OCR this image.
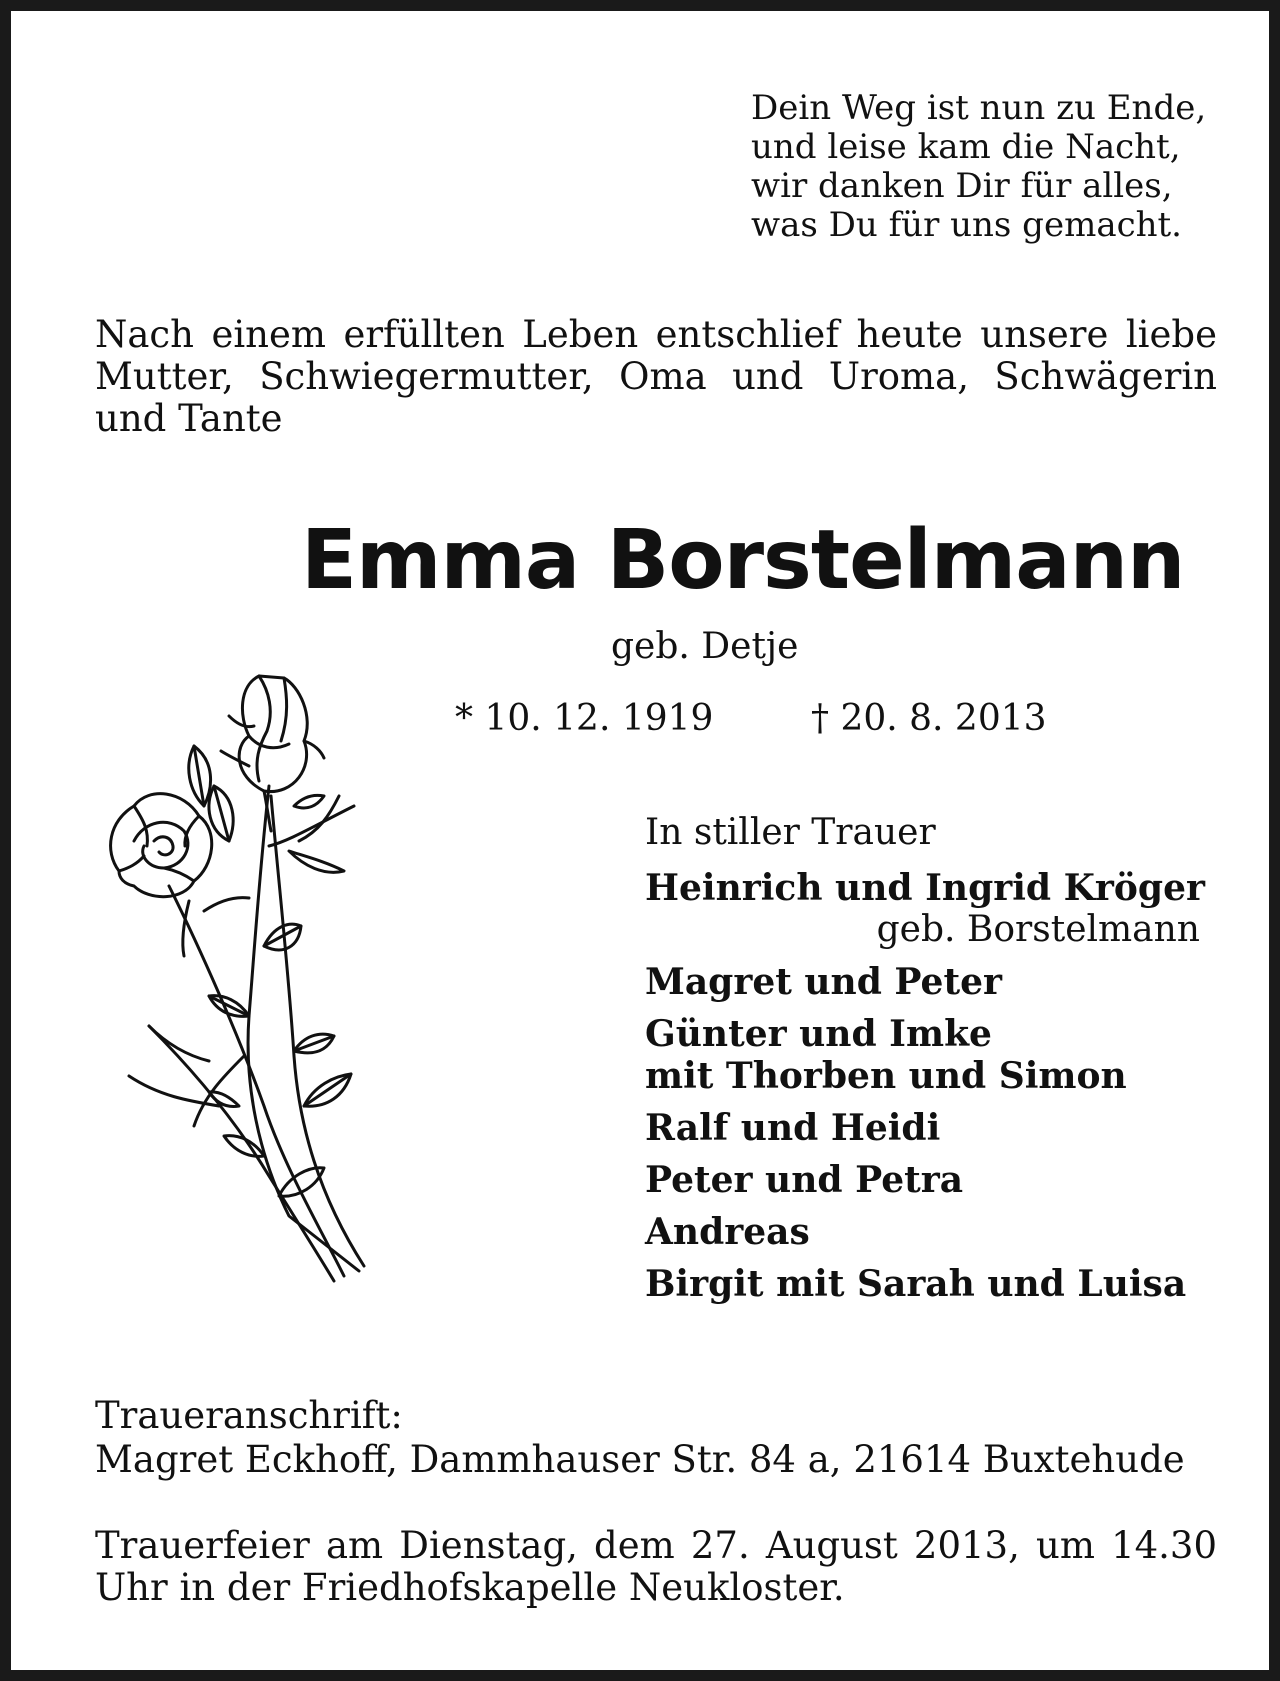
Dein Weg ist nun zu Ende,
und leise kam die Nacht,
wir danken Dir für alles,
was Du für uns gemacht.

Nach einem erfüllten Leben entschlief heute unsere liebe Mutter, Schwiegermutter, Oma und Uroma, Schwägerin und Tante

Emma Borstelmann
geb. Detje
* 10. 12. 1919	† 20. 8. 2013
In stiller Trauer
Heinrich und Ingrid Kröger
geb. Borstelmann
Magret und Peter
Günter und Imke
mit Thorben und Simon
Ralf und Heidi
Peter und Petra
Andreas
Birgit mit Sarah und Luisa
Traueranschrift:
Magret Eckhoff, Dammhauser Str. 84 a, 21614 Buxtehude

Trauerfeier am Dienstag, dem 27. August 2013, um 14.30 Uhr in der Friedhofskapelle Neukloster.
